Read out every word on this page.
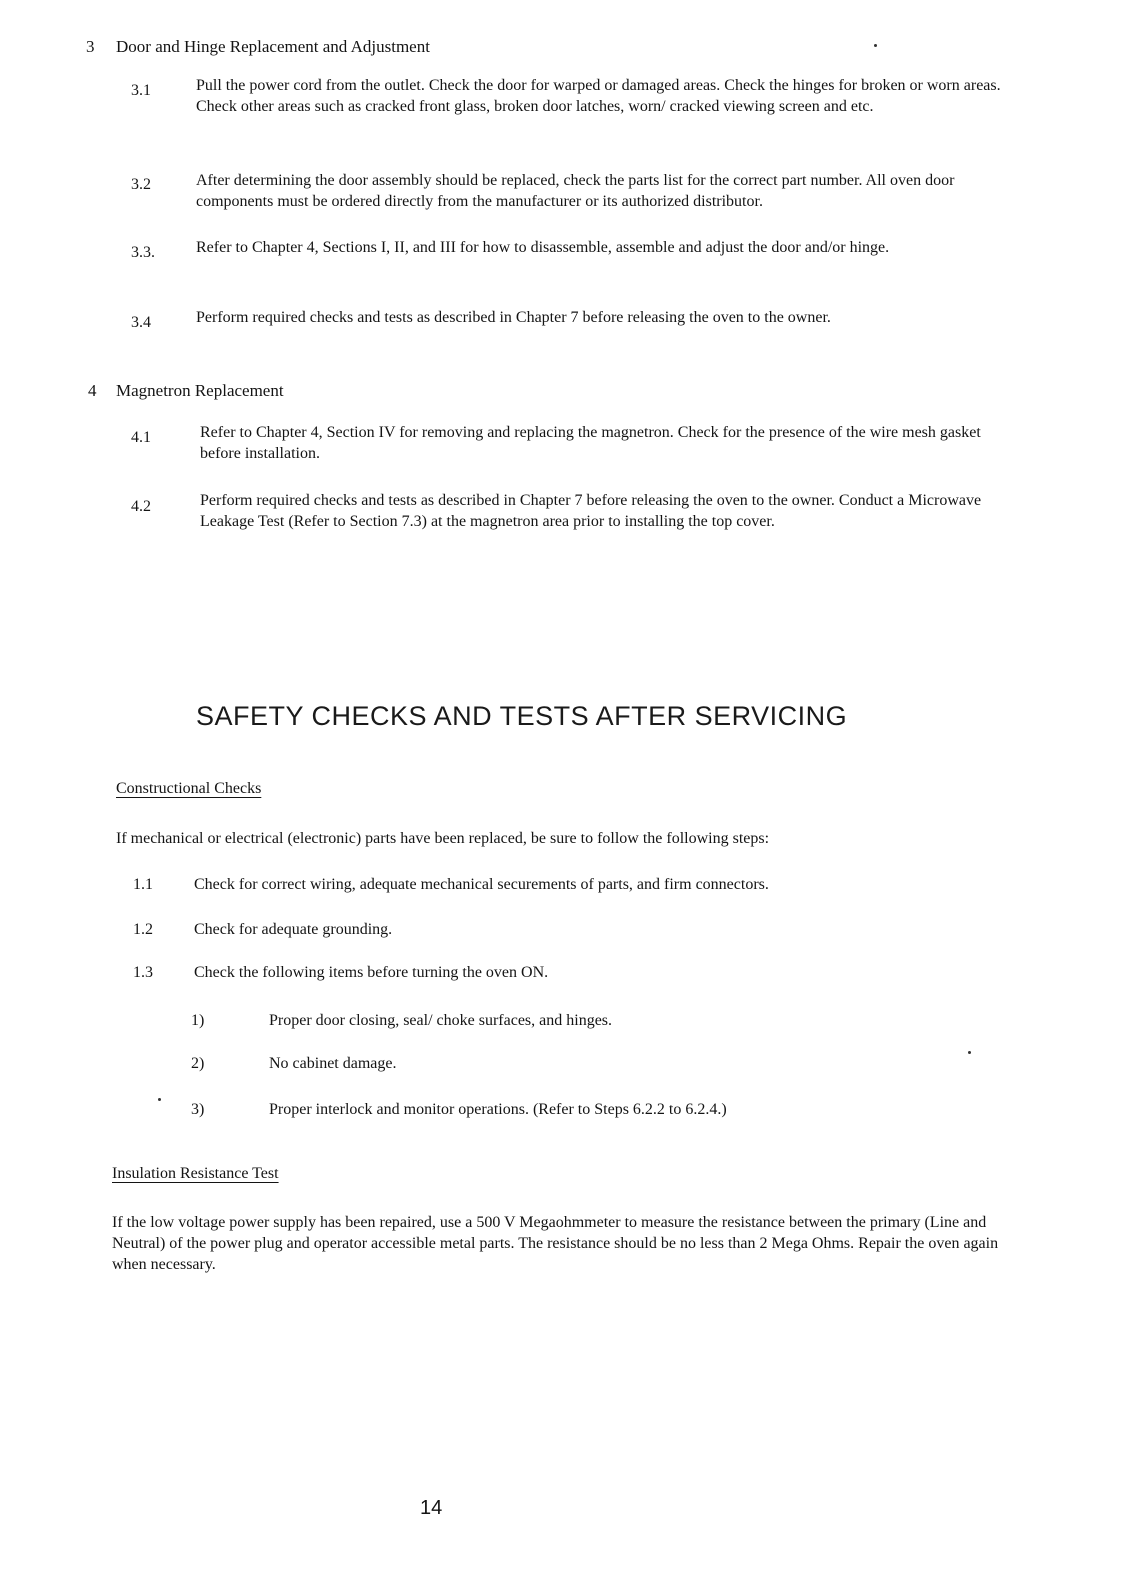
3 Door and Hinge Replacement and Adjustment
3.1	Pull the power cord from the outlet. Check the door for warped or damaged areas. Check the hinges for broken or worn areas. Check other areas such as cracked front glass, broken door latches, worn/ cracked viewing screen and etc.
3.2	After determining the door assembly should be replaced, check the parts list for the correct part number. All oven door components must be ordered directly from the manufacturer or its authorized distributor.
3.3.	Refer to Chapter 4, Sections I, II, and III for how to disassemble, assemble and adjust the door and/or hinge.
3.4	Perform required checks and tests as described in Chapter 7 before releasing the oven to the owner.
4 Magnetron Replacement
4.1	Refer to Chapter 4, Section IV for removing and replacing the magnetron. Check for the presence of the wire mesh gasket before installation.
4.2	Perform required checks and tests as described in Chapter 7 before releasing the oven to the owner. Conduct a Microwave Leakage Test (Refer to Section 7.3) at the magnetron area prior to installing the top cover.
SAFETY CHECKS AND TESTS AFTER SERVICING
Constructional Checks
If mechanical or electrical (electronic) parts have been replaced, be sure to follow the following steps:
1.1	Check for correct wiring, adequate mechanical securements of parts, and firm connectors.
1.2	Check for adequate grounding.
1.3	Check the following items before turning the oven ON.
1)	Proper door closing, seal/ choke surfaces, and hinges.
2)	No cabinet damage.
3)	Proper interlock and monitor operations. (Refer to Steps 6.2.2 to 6.2.4.)
Insulation Resistance Test
If the low voltage power supply has been repaired, use a 500 V Megaohmmeter to measure the resistance between the primary (Line and Neutral) of the power plug and operator accessible metal parts. The resistance should be no less than 2 Mega Ohms. Repair the oven again when necessary.
14
